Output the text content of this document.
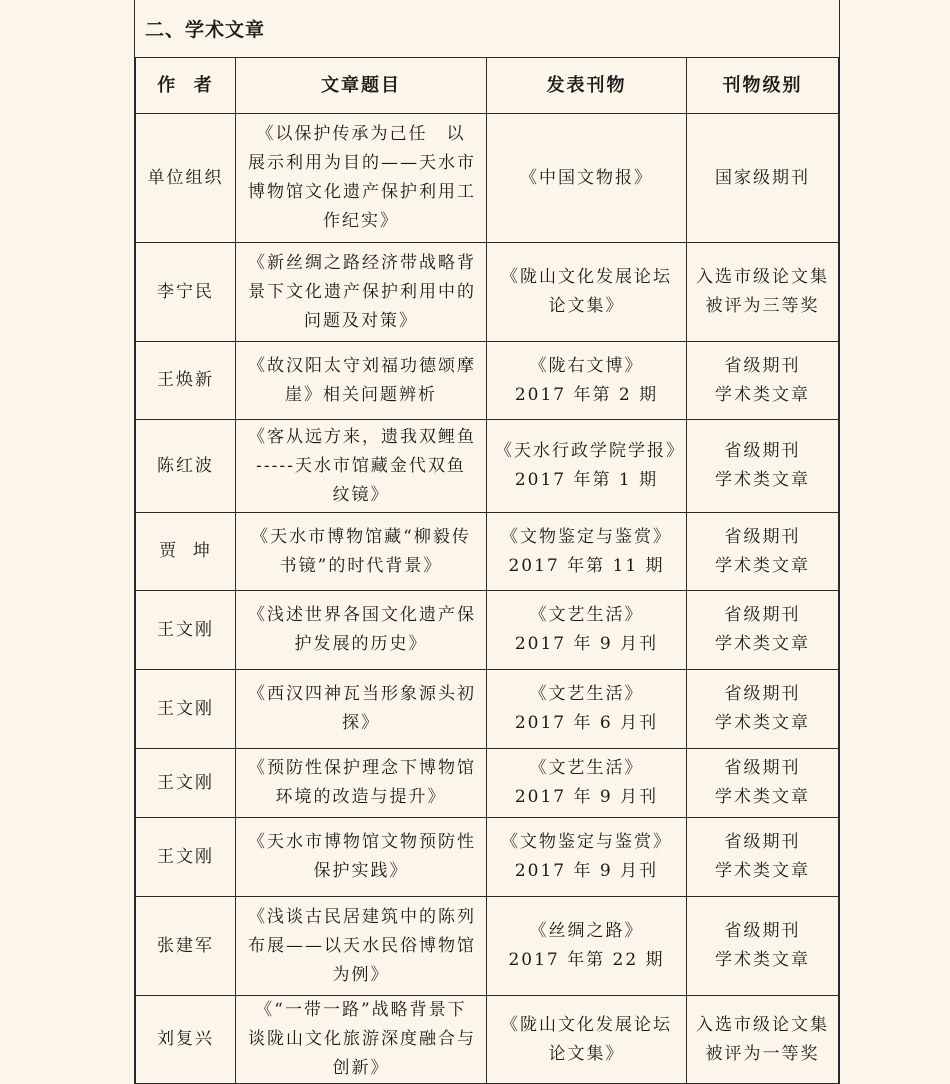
二、学术文章
作  者	文章题目	发表刊物	刊物级别
单位组织	《以保护传承为己任　以
展示利用为目的——天水市
博物馆文化遗产保护利用工
作纪实》	《中国文物报》	国家级期刊

李宁民	《新丝绸之路经济带战略背
景下文化遗产保护利用中的
问题及对策》	《陇山文化发展论坛
论文集》	入选市级论文集
被评为三等奖

王焕新	《故汉阳太守刘福功德颂摩
崖》相关问题辨析	《陇右文博》
2017 年第 2 期	省级期刊
学术类文章

陈红波	《客从远方来，遗我双鲤鱼
-----天水市馆藏金代双鱼
纹镜》	《天水行政学院学报》
2017 年第 1 期	省级期刊
学术类文章

贾  坤	《天水市博物馆藏“柳毅传
书镜”的时代背景》	《文物鉴定与鉴赏》
2017 年第 11 期	省级期刊
学术类文章

王文刚	《浅述世界各国文化遗产保
护发展的历史》	《文艺生活》
2017 年 9 月刊	省级期刊
学术类文章

王文刚	《西汉四神瓦当形象源头初
探》	《文艺生活》
2017 年 6 月刊	省级期刊
学术类文章

王文刚	《预防性保护理念下博物馆
环境的改造与提升》	《文艺生活》
2017 年 9 月刊	省级期刊
学术类文章

王文刚	《天水市博物馆文物预防性
保护实践》	《文物鉴定与鉴赏》
2017 年 9 月刊	省级期刊
学术类文章

张建军	《浅谈古民居建筑中的陈列
布展——以天水民俗博物馆
为例》	《丝绸之路》
2017 年第 22 期	省级期刊
学术类文章

刘复兴	《“一带一路”战略背景下
谈陇山文化旅游深度融合与
创新》	《陇山文化发展论坛
论文集》	入选市级论文集
被评为一等奖
